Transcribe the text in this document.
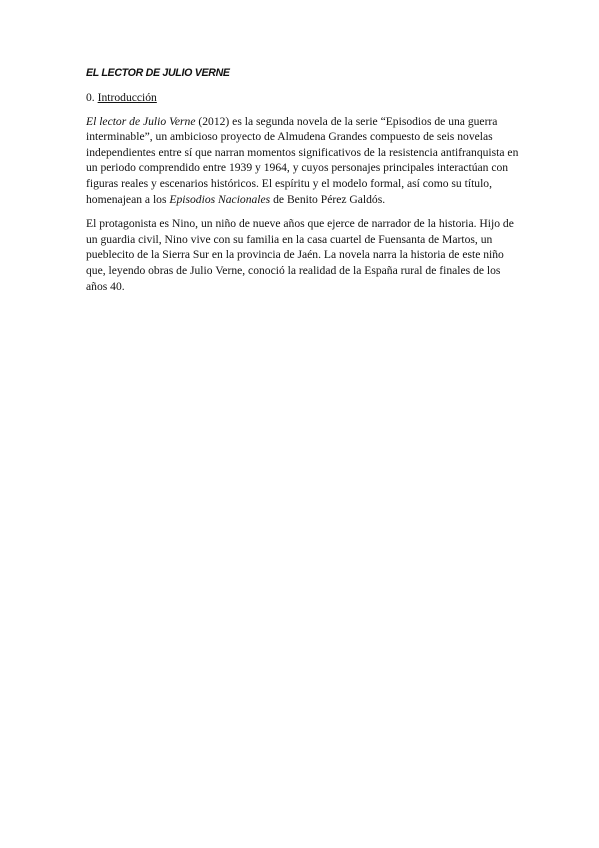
EL LECTOR DE JULIO VERNE
0. Introducción

El lector de Julio Verne (2012) es la segunda novela de la serie “Episodios de una guerra interminable”, un ambicioso proyecto de Almudena Grandes compuesto de seis novelas independientes entre sí que narran momentos significativos de la resistencia antifranquista en un periodo comprendido entre 1939 y 1964, y cuyos personajes principales interactúan con figuras reales y escenarios históricos. El espíritu y el modelo formal, así como su título, homenajean a los Episodios Nacionales de Benito Pérez Galdós.

El protagonista es Nino, un niño de nueve años que ejerce de narrador de la historia. Hijo de un guardia civil, Nino vive con su familia en la casa cuartel de Fuensanta de Martos, un pueblecito de la Sierra Sur en la provincia de Jaén. La novela narra la historia de este niño que, leyendo obras de Julio Verne, conoció la realidad de la España rural de finales de los años 40.
